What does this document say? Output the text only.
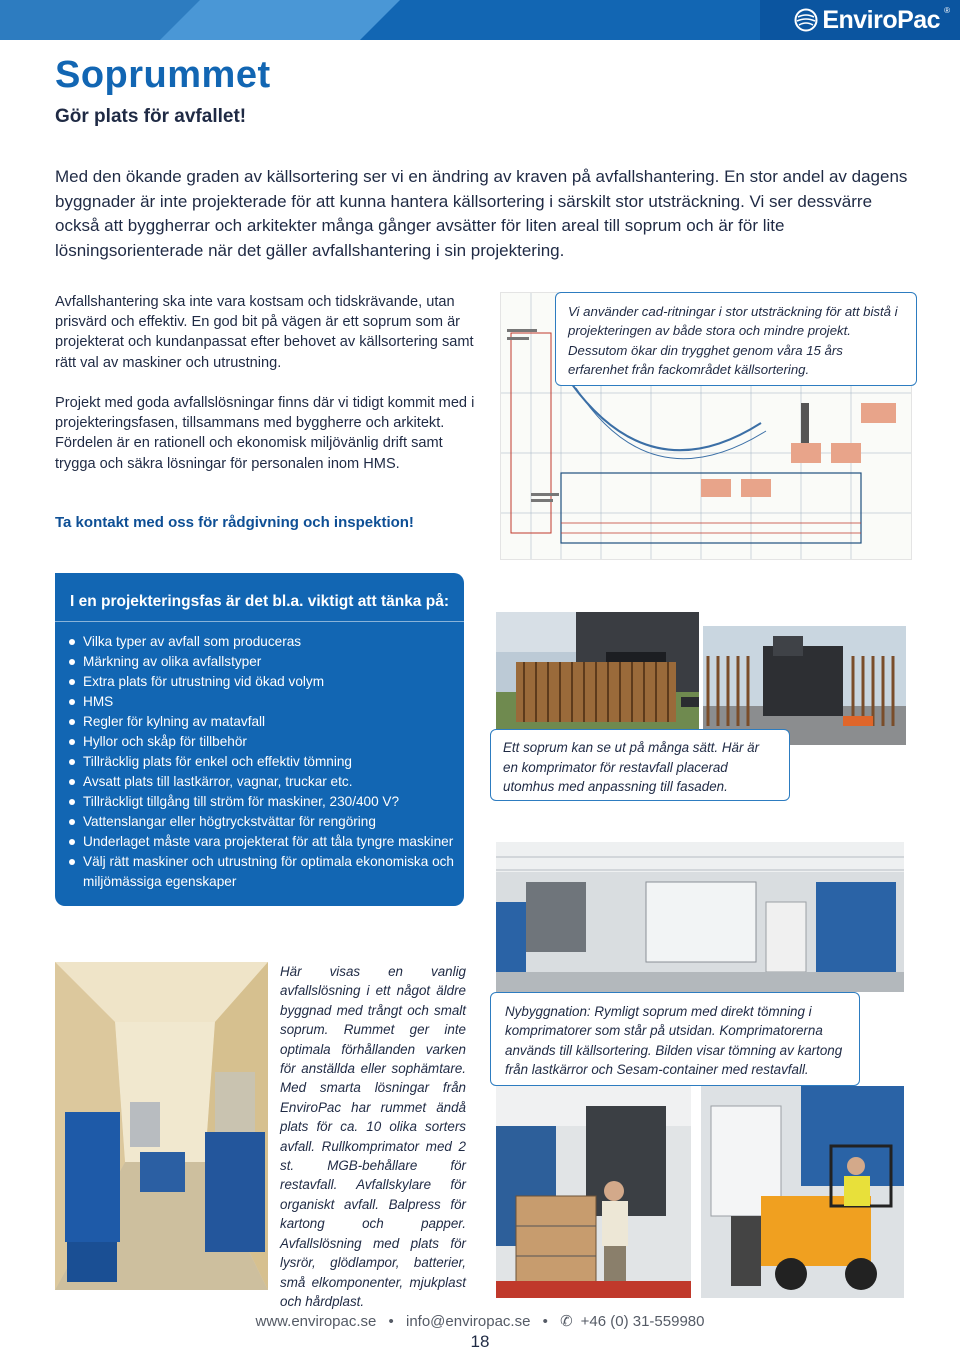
EnviroPac ®
Soprummet
Gör plats för avfallet!

Med den ökande graden av källsortering ser vi en ändring av kraven på avfallshantering. En stor andel av dagens byggnader är inte projekterade för att kunna hantera källsortering i särskilt stor utsträckning. Vi ser dessvärre också att byggherrar och arkitekter många gånger avsätter för liten areal till soprum och är för lite lösningsorienterade när det gäller avfallshantering i sin projektering.

Avfallshantering ska inte vara kostsam och tidskrävande, utan prisvärd och effektiv. En god bit på vägen är ett soprum som är projekterat och kundanpassat efter behovet av källsortering samt rätt val av maskiner och utrustning.

Projekt med goda avfallslösningar finns där vi tidigt kommit med i projekteringsfasen, tillsammans med byggherre och arkitekt. Fördelen är en rationell och ekonomisk miljövänlig drift samt trygga och säkra lösningar för personalen inom HMS.

Ta kontakt med oss för rådgivning och inspektion!

Vi använder cad-ritningar i stor utsträckning för att bistå i projekteringen av både stora och mindre projekt. Dessutom ökar din trygghet genom våra 15 års erfarenhet från fackområdet källsortering.
I en projekteringsfas är det bl.a. viktigt att tänka på:
Vilka typer av avfall som produceras
Märkning av olika avfallstyper
Extra plats för utrustning vid ökad volym
HMS
Regler för kylning av matavfall
Hyllor och skåp för tillbehör
Tillräcklig plats för enkel och effektiv tömning
Avsatt plats till lastkärror, vagnar, truckar etc.
Tillräckligt tillgång till ström för maskiner, 230/400 V?
Vattenslangar eller högtryckstvättar för rengöring
Underlaget måste vara projekterat för att tåla tyngre maskiner
Välj rätt maskiner och utrustning för optimala ekonomiska och miljömässiga egenskaper
Ett soprum kan se ut på många sätt. Här är en komprimator för restavfall placerad utomhus med anpassning till fasaden.
Nybyggnation: Rymligt soprum med direkt tömning i komprimatorer som står på utsidan. Komprimatorerna används till källsortering. Bilden visar tömning av kartong från lastkärror och Sesam-container med restavfall.

Här visas en vanlig avfallslösning i ett något äldre byggnad med trångt och smalt soprum. Rummet ger inte optimala förhållanden varken för anställda eller sophämtare. Med smarta lösningar från EnviroPac har rummet ändå plats för ca. 10 olika sorters avfall. Rullkomprimator med 2 st. MGB-behållare för restavfall. Avfallskylare för organiskt avfall. Balpress för kartong och papper. Avfallslösning med plats för lysrör, glödlampor, batterier, små elkomponenter, mjukplast och hårdplast.

www.enviropac.se • info@enviropac.se • ✆ +46 (0) 31-559980
18
